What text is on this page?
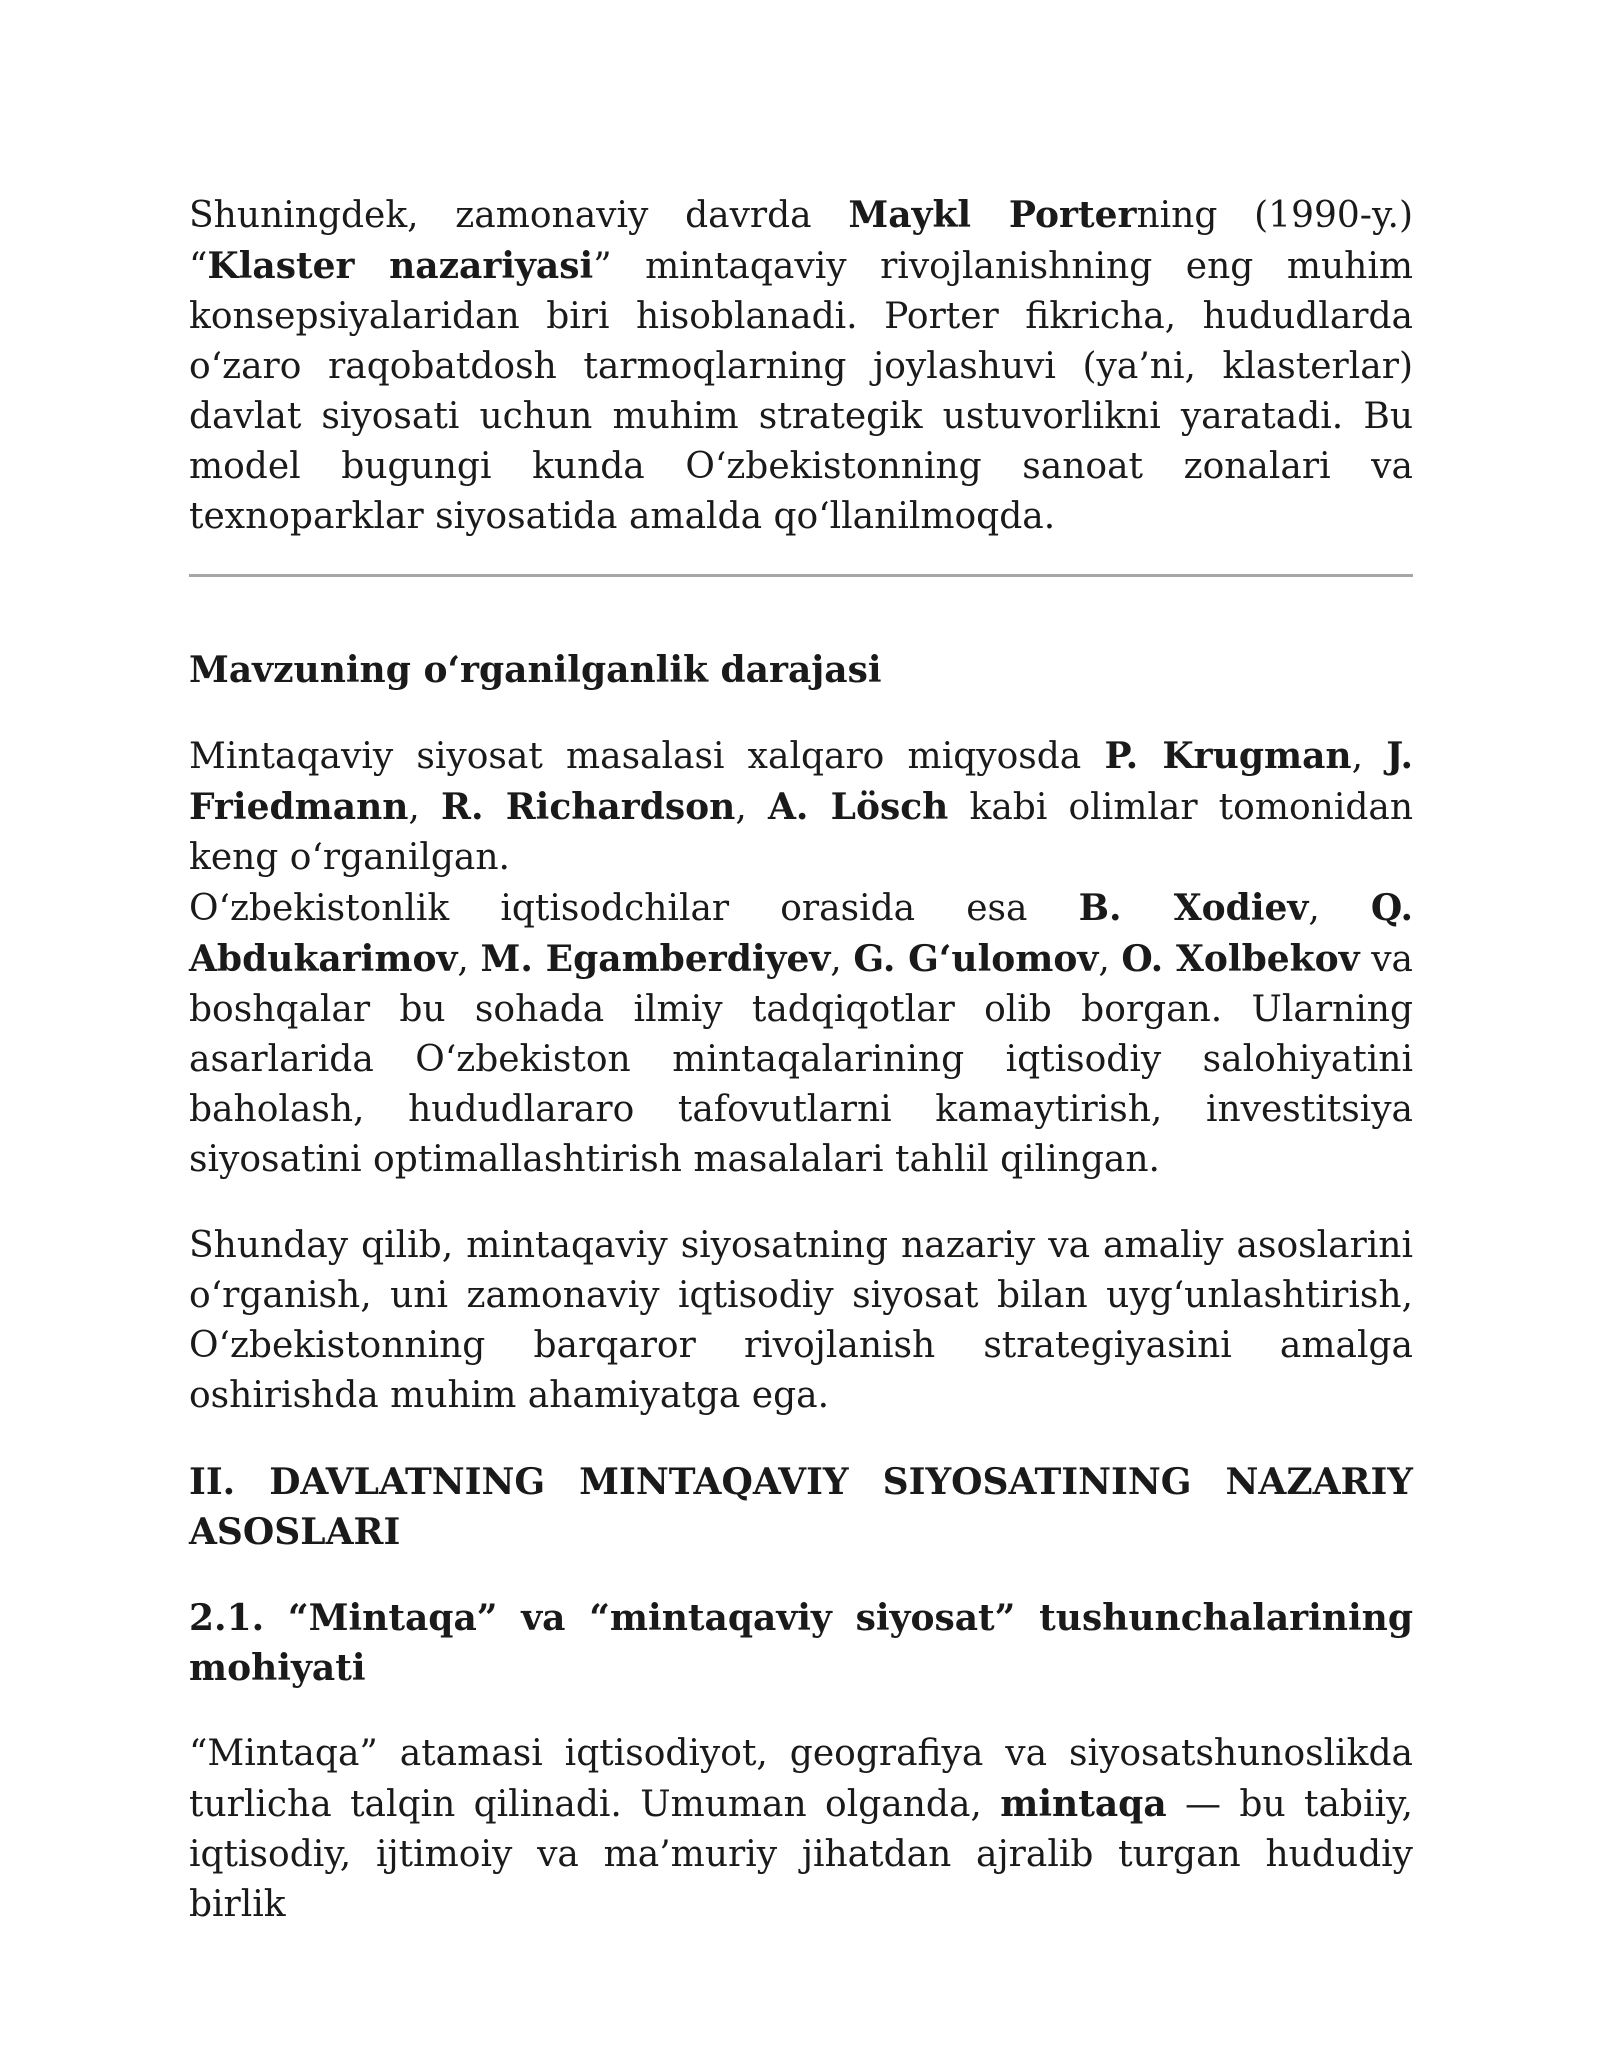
Shuningdek, zamonaviy davrda Maykl Porterning (1990-y.) “Klaster nazariyasi” mintaqaviy rivojlanishning eng muhim konsepsiyalaridan biri hisoblanadi. Porter fikricha, hududlarda o‘zaro raqobatdosh tarmoqlarning joylashuvi (ya’ni, klasterlar) davlat siyosati uchun muhim strategik ustuvorlikni yaratadi. Bu model bugungi kunda O‘zbekistonning sanoat zonalari va texnoparklar siyosatida amalda qo‘llanilmoqda.

Mavzuning o‘rganilganlik darajasi

Mintaqaviy siyosat masalasi xalqaro miqyosda P. Krugman, J. Friedmann, R. Richardson, A. Lösch kabi olimlar tomonidan keng o‘rganilgan.

O‘zbekistonlik iqtisodchilar orasida esa B. Xodiev, Q. Abdukarimov, M. Egamberdiyev, G. G‘ulomov, O. Xolbekov va boshqalar bu sohada ilmiy tadqiqotlar olib borgan. Ularning asarlarida O‘zbekiston mintaqalarining iqtisodiy salohiyatini baholash, hududlararo tafovutlarni kamaytirish, investitsiya siyosatini optimallashtirish masalalari tahlil qilingan.

Shunday qilib, mintaqaviy siyosatning nazariy va amaliy asoslarini o‘rganish, uni zamonaviy iqtisodiy siyosat bilan uyg‘unlashtirish, O‘zbekistonning barqaror rivojlanish strategiyasini amalga oshirishda muhim ahamiyatga ega.

II. DAVLATNING MINTAQAVIY SIYOSATINING NAZARIY ASOSLARI
2.1. “Mintaqa” va “mintaqaviy siyosat” tushunchalarining mohiyati

“Mintaqa” atamasi iqtisodiyot, geografiya va siyosatshunoslikda turlicha talqin qilinadi. Umuman olganda, mintaqa — bu tabiiy, iqtisodiy, ijtimoiy va ma’muriy jihatdan ajralib turgan hududiy birlik
